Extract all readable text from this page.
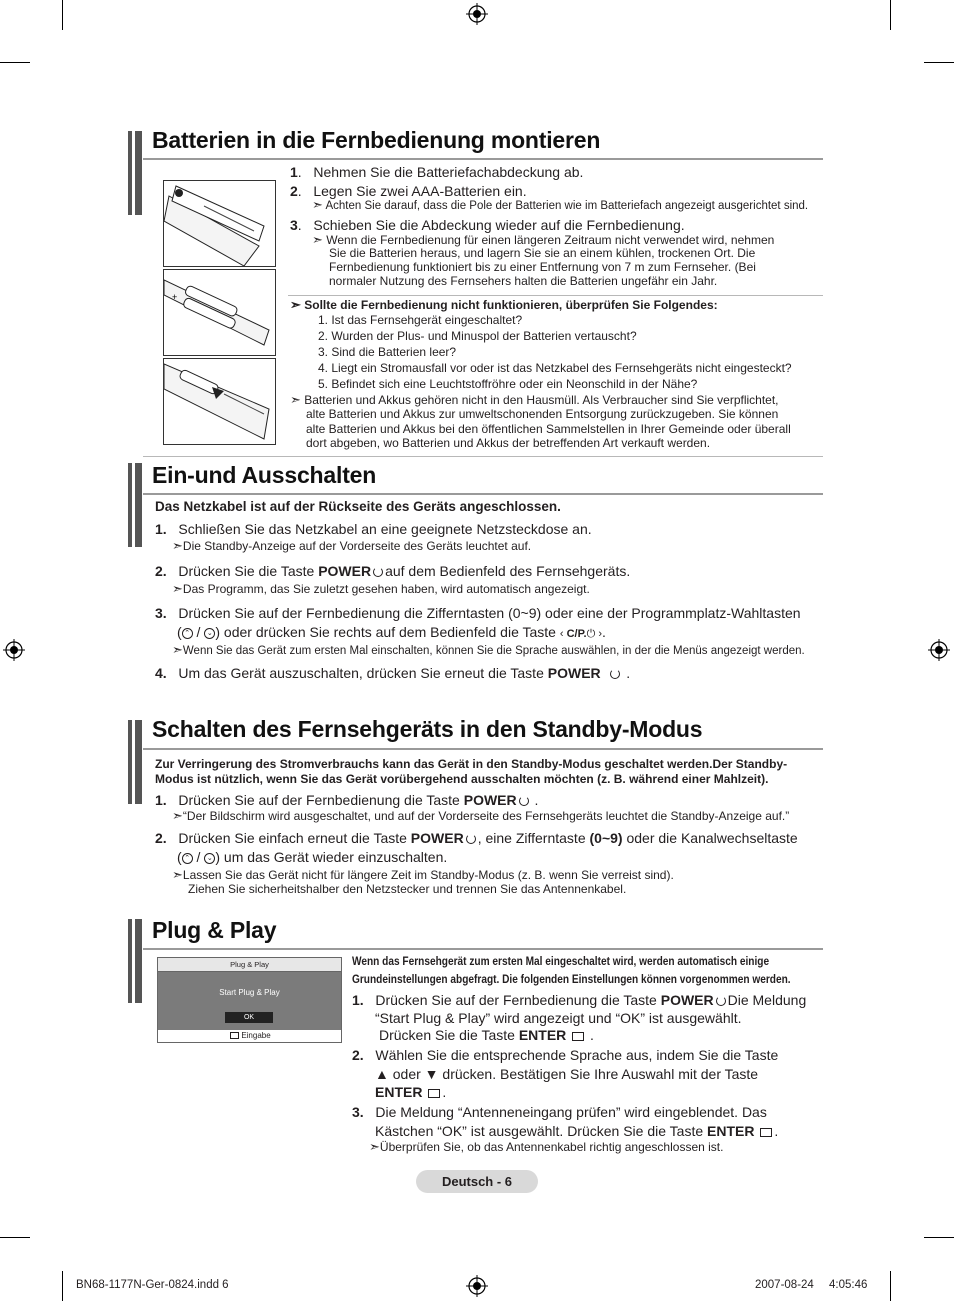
Batterien in die Fernbedienung montieren
+
1.   Nehmen Sie die Batteriefachabdeckung ab.
2.   Legen Sie zwei AAA-Batterien ein.
➣ Achten Sie darauf, dass die Pole der Batterien wie im Batteriefach angezeigt ausgerichtet sind.
3.   Schieben Sie die Abdeckung wieder auf die Fernbedienung.
➣ Wenn die Fernbedienung für einen längeren Zeitraum nicht verwendet wird, nehmen
Sie die Batterien heraus, und lagern Sie sie an einem kühlen, trockenen Ort. Die
Fernbedienung funktioniert bis zu einer Entfernung von 7 m zum Fernseher. (Bei
normaler Nutzung des Fernsehers halten die Batterien ungefähr ein Jahr.
➣ Sollte die Fernbedienung nicht funktionieren, überprüfen Sie Folgendes:
1. Ist das Fernsehgerät eingeschaltet?
2. Wurden der Plus- und Minuspol der Batterien vertauscht?
3. Sind die Batterien leer?
4. Liegt ein Stromausfall vor oder ist das Netzkabel des Fernsehgeräts nicht eingesteckt?
5. Befindet sich eine Leuchtstoffröhre oder ein Neonschild in der Nähe?
➣ Batterien und Akkus gehören nicht in den Hausmüll. Als Verbraucher sind Sie verpflichtet,
alte Batterien und Akkus zur umweltschonenden Entsorgung zurückzugeben. Sie können
alte Batterien und Akkus bei den öffentlichen Sammelstellen in Ihrer Gemeinde oder überall
dort abgeben, wo Batterien und Akkus der betreffenden Art verkauft werden.
Ein-und Ausschalten
Das Netzkabel ist auf der Rückseite des Geräts angeschlossen.
1. Schließen Sie das Netzkabel an eine geeignete Netzsteckdose an.
➣Die Standby-Anzeige auf der Vorderseite des Geräts leuchtet auf.
2. Drücken Sie die Taste POWER auf dem Bedienfeld des Fernsehgeräts.
➣Das Programm, das Sie zuletzt gesehen haben, wird automatisch angezeigt.
3. Drücken Sie auf der Fernbedienung die Zifferntasten (0~9) oder eine der Programmplatz-Wahltasten
( ⌃ / ⌄ ) oder drücken Sie rechts auf dem Bedienfeld die Taste ‹ C/P.⏻ ›.
➣Wenn Sie das Gerät zum ersten Mal einschalten, können Sie die Sprache auswählen, in der die Menüs angezeigt werden.
4. Um das Gerät auszuschalten, drücken Sie erneut die Taste POWER   .
Schalten des Fernsehgeräts in den Standby-Modus
Zur Verringerung des Stromverbrauchs kann das Gerät in den Standby-Modus geschaltet werden.Der Standby-
Modus ist nützlich, wenn Sie das Gerät vorübergehend ausschalten möchten (z. B. während einer Mahlzeit).
1. Drücken Sie auf der Fernbedienung die Taste POWER .
➣“Der Bildschirm wird ausgeschaltet, und auf der Vorderseite des Fernsehgeräts leuchtet die Standby-Anzeige auf.”
2. Drücken Sie einfach erneut die Taste POWER , eine Zifferntaste (0~9) oder die Kanalwechseltaste
( ⌃ / ⌄ ) um das Gerät wieder einzuschalten.
➣Lassen Sie das Gerät nicht für längere Zeit im Standby-Modus (z. B. wenn Sie verreist sind).
Ziehen Sie sicherheitshalber den Netzstecker und trennen Sie das Antennenkabel.
Plug & Play
Plug & Play
Start Plug & Play
OK
Eingabe
Wenn das Fernsehgerät zum ersten Mal eingeschaltet wird, werden automatisch einige
Grundeinstellungen abgefragt. Die folgenden Einstellungen können vorgenommen werden.
1. Drücken Sie auf der Fernbedienung die Taste POWER Die Meldung
“Start Plug & Play” wird angezeigt und “OK” ist ausgewählt.
Drücken Sie die Taste ENTER  .
2. Wählen Sie die entsprechende Sprache aus, indem Sie die Taste
▲ oder ▼ drücken. Bestätigen Sie Ihre Auswahl mit der Taste
ENTER .
3. Die Meldung “Antenneneingang prüfen” wird eingeblendet. Das
Kästchen “OK” ist ausgewählt. Drücken Sie die Taste ENTER .
➣Überprüfen Sie, ob das Antennenkabel richtig angeschlossen ist.
Deutsch - 6
BN68-1177N-Ger-0824.indd 6	2007-08-24 4:05:46
